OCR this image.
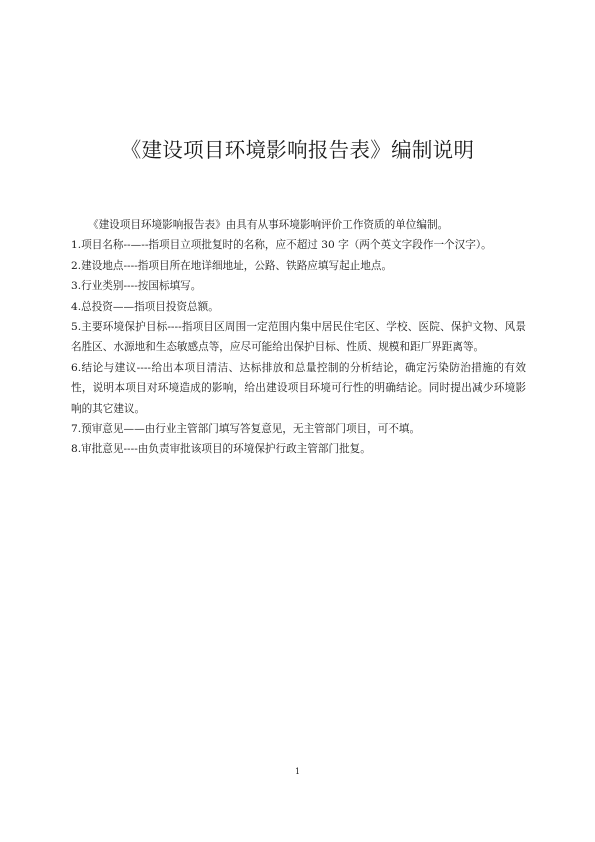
《建设项目环境影响报告表》编制说明

《建设项目环境影响报告表》由具有从事环境影响评价工作资质的单位编制。

1.项目名称--—--指项目立项批复时的名称，应不超过 30 字（两个英文字段作一个汉字）。

2.建设地点----指项目所在地详细地址，公路、铁路应填写起止地点。

3.行业类别----按国标填写。

4.总投资——指项目投资总额。

5.主要环境保护目标----指项目区周围一定范围内集中居民住宅区、学校、医院、保护文物、风景名胜区、水源地和生态敏感点等，应尽可能给出保护目标、性质、规模和距厂界距离等。

6.结论与建议----给出本项目清洁、达标排放和总量控制的分析结论，确定污染防治措施的有效性，说明本项目对环境造成的影响，给出建设项目环境可行性的明确结论。同时提出减少环境影响的其它建议。

7.预审意见——由行业主管部门填写答复意见，无主管部门项目，可不填。

8.审批意见----由负责审批该项目的环境保护行政主管部门批复。

1
